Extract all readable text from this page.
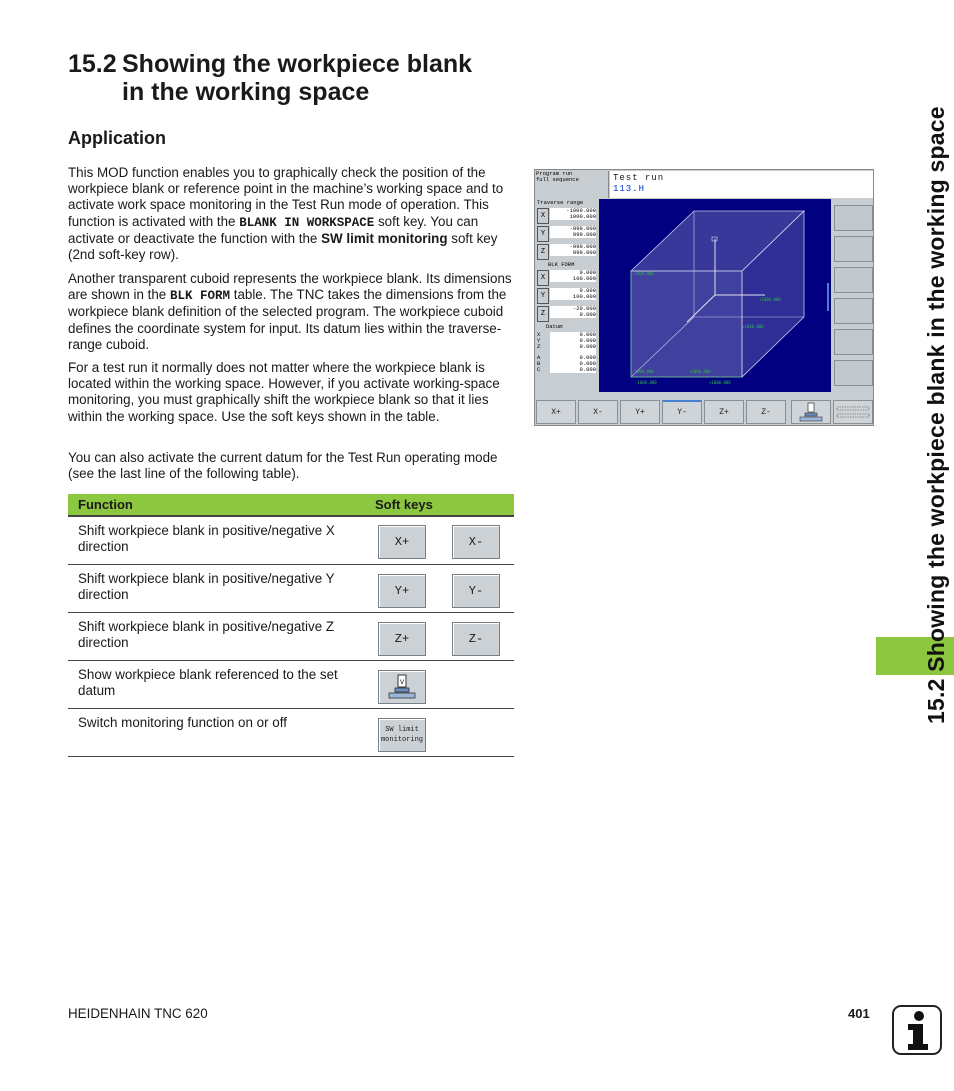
15.2 Showing the workpiece blank
in the working space
Application
This MOD function enables you to graphically check the position of the workpiece blank or reference point in the machine’s working space and to activate work space monitoring in the Test Run mode of operation. This function is activated with the BLANK IN WORKSPACE soft key. You can activate or deactivate the function with the SW limit monitoring soft key (2nd soft-key row).
Another transparent cuboid represents the workpiece blank. Its dimensions are shown in the BLK FORM table. The TNC takes the dimensions from the workpiece blank definition of the selected program. The workpiece cuboid defines the coordinate system for input. Its datum lies within the traverse-range cuboid.
For a test run it normally does not matter where the workpiece blank is located within the working space. However, if you activate working-space monitoring, you must graphically shift the workpiece blank so that it lies within the working space. Use the soft keys shown in the table.
You can also activate the current datum for the Test Run operating mode (see the last line of the following table).
Function	Soft keys
Shift workpiece blank in positive/negative X direction	X+	X-
Shift workpiece blank in positive/negative Y direction	Y+	Y-
Shift workpiece blank in positive/negative Z direction	Z+	Z-
Show workpiece blank referenced to the set datum
V
Switch monitoring function on or off	SW limit
monitoring
Program run
full sequence	Test run
113.H
Traverse range
X
-1000.000
1000.000
Y
-999.000
999.000
Z
-999.000
999.000
BLK FORM
X
0.000
100.000
Y
0.000
100.000
Z
-20.000
0.000
Datum
X
Y
Z
A
B
C
0.000
0.000
0.000
0.000
0.000
0.000
-1000.000
+1000.000
+1000.000
-1000.000	+1000.000
-1000.000	+1000.000
X+	X-	Y+	Y-	Z+	Z-	15.2 Showing the workpiece blank in the working space
HEIDENHAIN TNC 620	401
